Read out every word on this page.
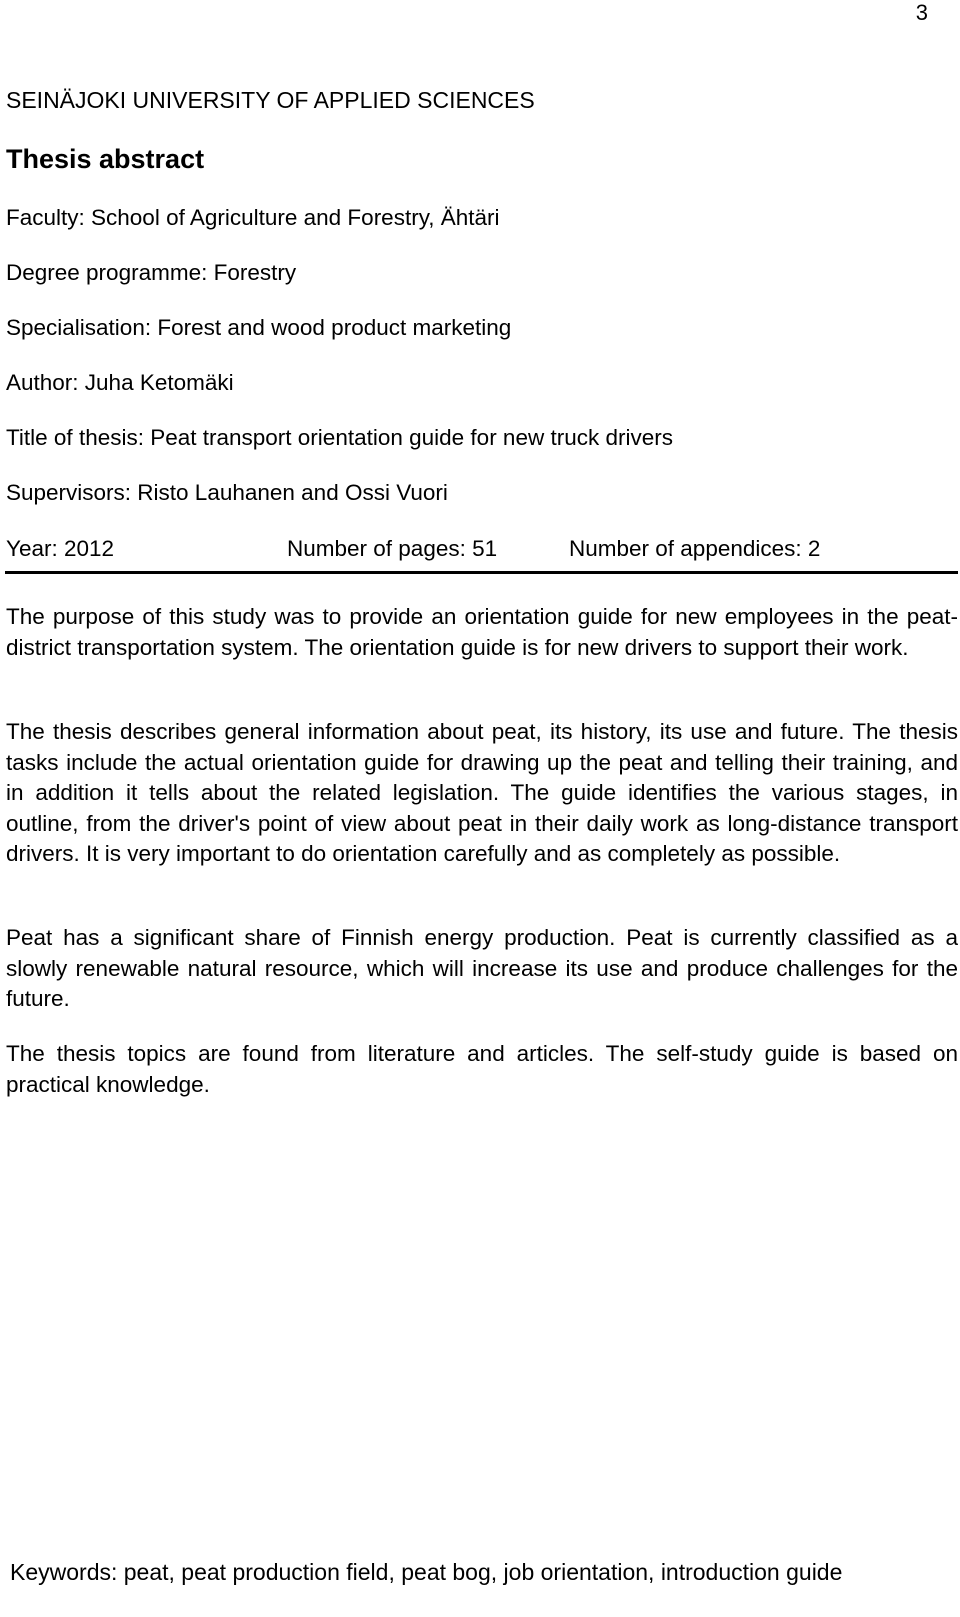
3
SEINÄJOKI UNIVERSITY OF APPLIED SCIENCES
Thesis abstract
Faculty: School of Agriculture and Forestry, Ähtäri
Degree programme: Forestry
Specialisation: Forest and wood product marketing
Author: Juha Ketomäki
Title of thesis: Peat transport orientation guide for new truck drivers
Supervisors: Risto Lauhanen and Ossi Vuori
Year: 2012	Number of pages: 51	Number of appendices: 2

The purpose of this study was to provide an orientation guide for new employees in the peat-district transportation system. The orientation guide is for new drivers to support their work.

The thesis describes general information about peat, its history, its use and future. The thesis tasks include the actual orientation guide for drawing up the peat and telling their training, and in addition it tells about the related legislation. The guide identifies the various stages, in outline, from the driver's point of view about peat in their daily work as long-distance transport drivers. It is very important to do orientation carefully and as completely as possible.

Peat has a significant share of Finnish energy production. Peat is currently classified as a slowly renewable natural resource, which will increase its use and produce challenges for the future.

The thesis topics are found from literature and articles. The self-study guide is based on practical knowledge.

Keywords: peat, peat production field, peat bog, job orientation, introduction guide
